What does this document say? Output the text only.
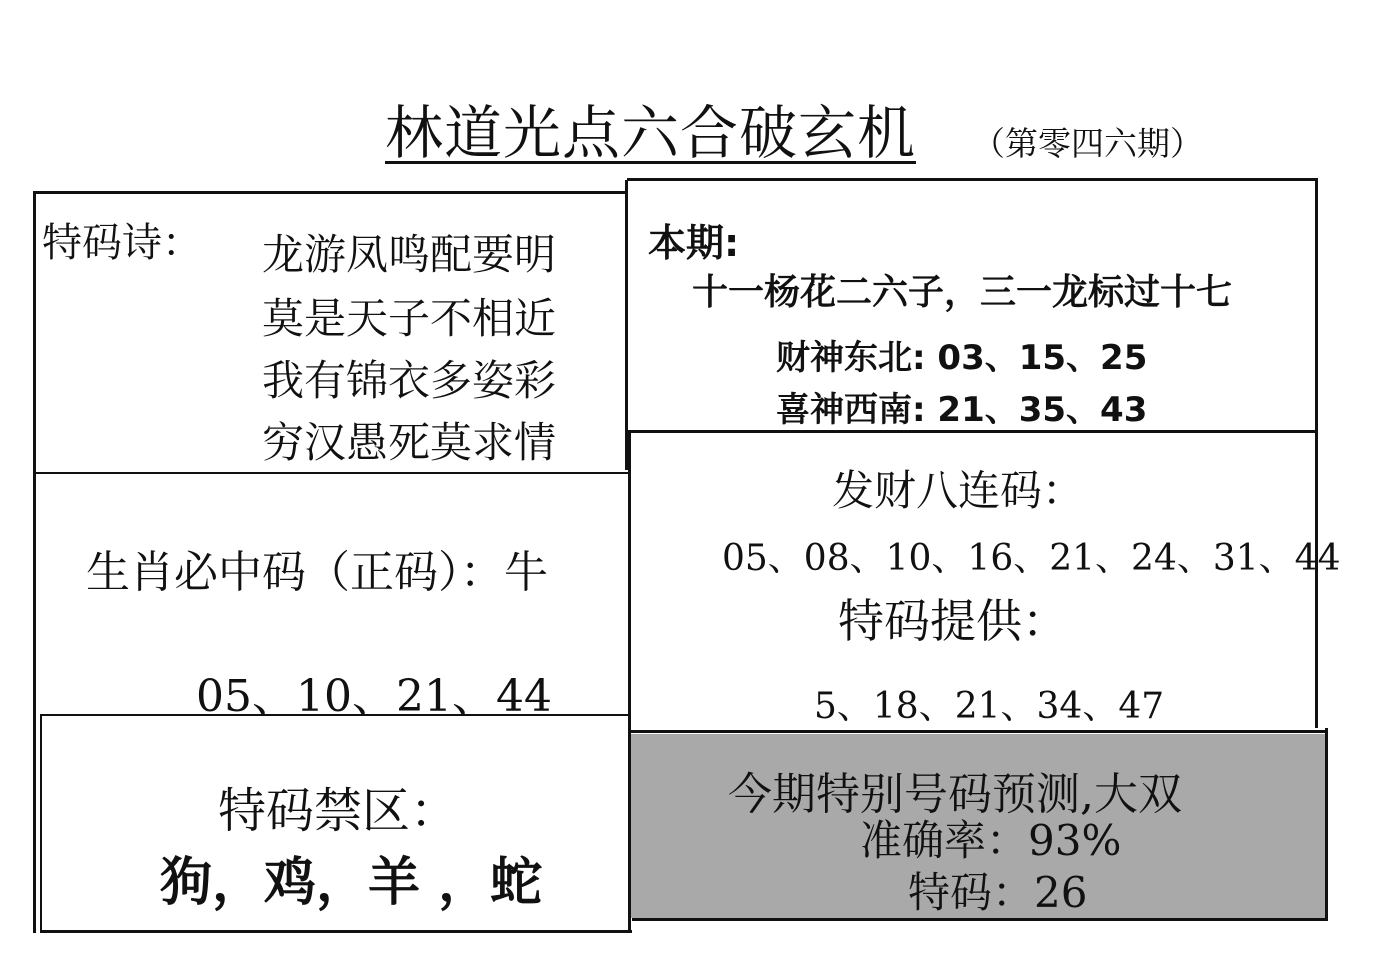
林道光点六合破玄机 （第零四六期）
特码诗： 龙游凤鸣配要明
莫是天子不相近
我有锦衣多姿彩
穷汉愚死莫求情
本期:
十一杨花二六子，三一龙标过十七
财神东北: 03、15、25
喜神西南: 21、35、43
生肖必中码（正码）：牛
05、10、21、44
发财八连码：
05、08、10、16、21、24、31、44
特码提供：
5、18、21、34、47
特码禁区：
狗，鸡，羊 ，蛇
今期特别号码预测,大双
准确率：93%
特码：26
